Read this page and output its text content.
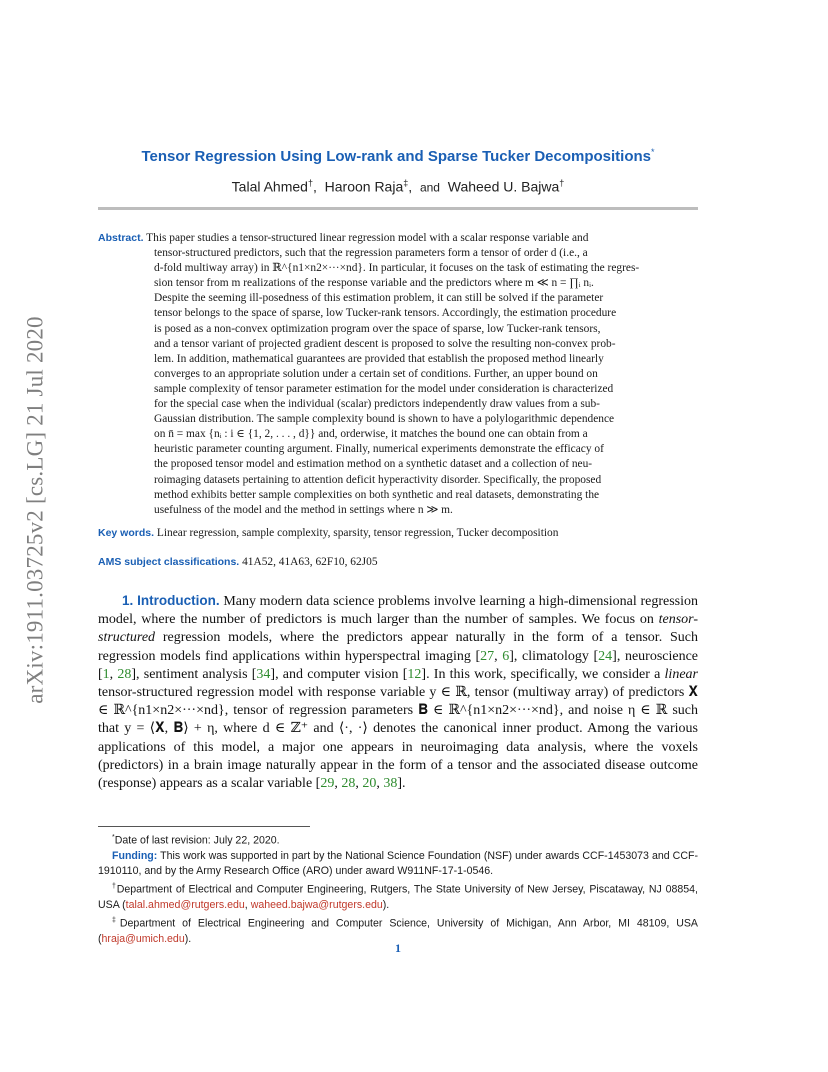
arXiv:1911.03725v2 [cs.LG] 21 Jul 2020
Tensor Regression Using Low-rank and Sparse Tucker Decompositions*
Talal Ahmed†, Haroon Raja‡, and Waheed U. Bajwa†
Abstract. This paper studies a tensor-structured linear regression model with a scalar response variable and
tensor-structured predictors, such that the regression parameters form a tensor of order d (i.e., a
d-fold multiway array) in ℝ^{n1×n2×···×nd}. In particular, it focuses on the task of estimating the regres-
sion tensor from m realizations of the response variable and the predictors where m ≪ n = ∏ᵢ nᵢ.
Despite the seeming ill-posedness of this estimation problem, it can still be solved if the parameter
tensor belongs to the space of sparse, low Tucker-rank tensors. Accordingly, the estimation procedure
is posed as a non-convex optimization program over the space of sparse, low Tucker-rank tensors,
and a tensor variant of projected gradient descent is proposed to solve the resulting non-convex prob-
lem. In addition, mathematical guarantees are provided that establish the proposed method linearly
converges to an appropriate solution under a certain set of conditions. Further, an upper bound on
sample complexity of tensor parameter estimation for the model under consideration is characterized
for the special case when the individual (scalar) predictors independently draw values from a sub-
Gaussian distribution. The sample complexity bound is shown to have a polylogarithmic dependence
on n̄ = max {nᵢ : i ∈ {1, 2, . . . , d}} and, orderwise, it matches the bound one can obtain from a
heuristic parameter counting argument. Finally, numerical experiments demonstrate the efficacy of
the proposed tensor model and estimation method on a synthetic dataset and a collection of neu-
roimaging datasets pertaining to attention deficit hyperactivity disorder. Specifically, the proposed
method exhibits better sample complexities on both synthetic and real datasets, demonstrating the
usefulness of the model and the method in settings where n ≫ m.

Key words. Linear regression, sample complexity, sparsity, tensor regression, Tucker decomposition

AMS subject classifications. 41A52, 41A63, 62F10, 62J05

1. Introduction. Many modern data science problems involve learning a high-dimensional regression model, where the number of predictors is much larger than the number of samples. We focus on tensor-structured regression models, where the predictors appear naturally in the form of a tensor. Such regression models find applications within hyperspectral imaging [27, 6], climatology [24], neuroscience [1, 28], sentiment analysis [34], and computer vision [12]. In this work, specifically, we consider a linear tensor-structured regression model with response variable y ∈ ℝ, tensor (multiway array) of predictors 𝐗 ∈ ℝ^{n1×n2×···×nd}, tensor of regression parameters 𝐁 ∈ ℝ^{n1×n2×···×nd}, and noise η ∈ ℝ such that y = ⟨𝐗, 𝐁⟩ + η, where d ∈ ℤ⁺ and ⟨·, ·⟩ denotes the canonical inner product. Among the various applications of this model, a major one appears in neuroimaging data analysis, where the voxels (predictors) in a brain image naturally appear in the form of a tensor and the associated disease outcome (response) appears as a scalar variable [29, 28, 20, 38].

*Date of last revision: July 22, 2020.

Funding: This work was supported in part by the National Science Foundation (NSF) under awards CCF-1453073 and CCF-1910110, and by the Army Research Office (ARO) under award W911NF-17-1-0546.

†Department of Electrical and Computer Engineering, Rutgers, The State University of New Jersey, Piscataway, NJ 08854, USA (talal.ahmed@rutgers.edu, waheed.bajwa@rutgers.edu).

‡Department of Electrical Engineering and Computer Science, University of Michigan, Ann Arbor, MI 48109, USA (hraja@umich.edu).

1
